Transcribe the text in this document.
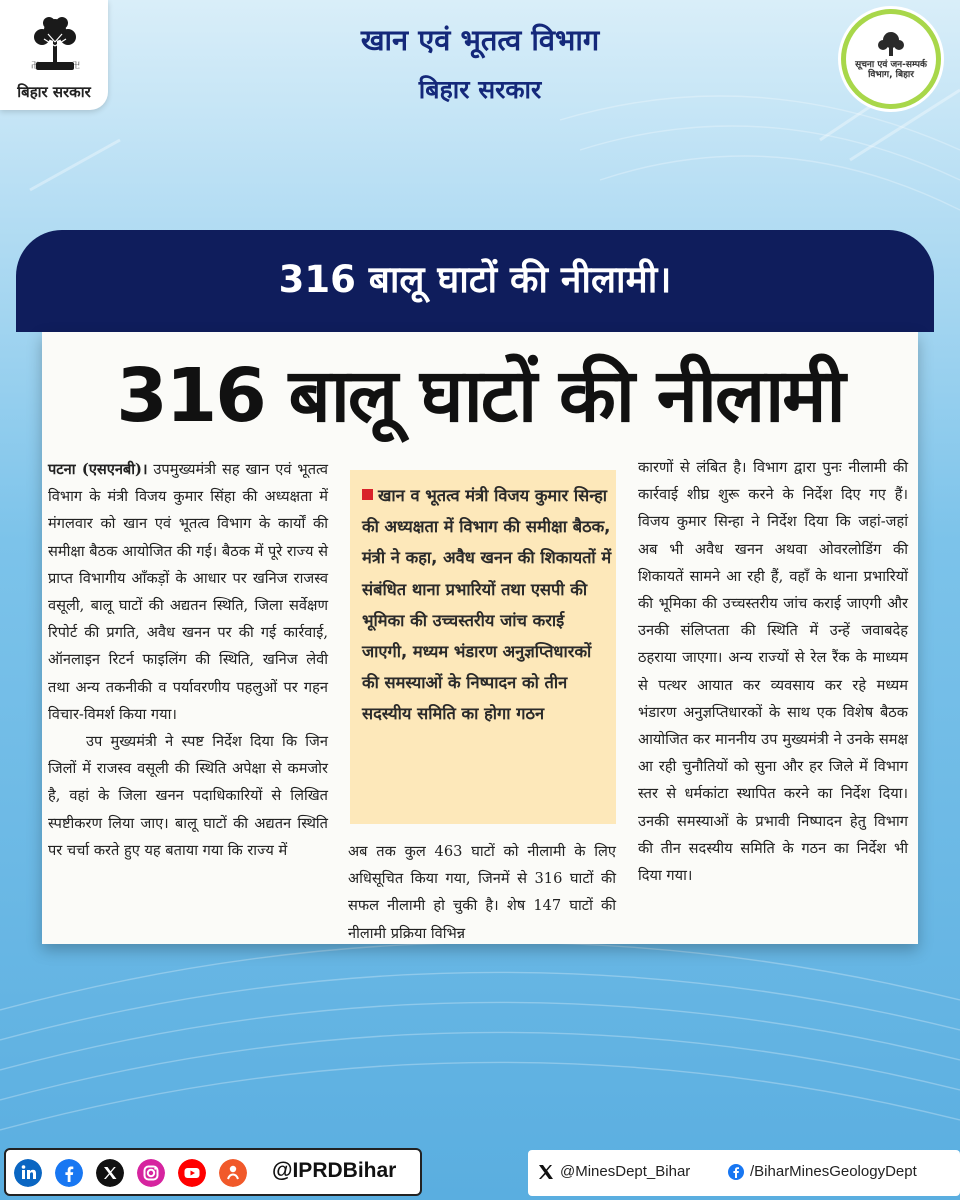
卍	卍
बिहार सरकार
खान एवं भूतत्व विभाग
बिहार सरकार
सूचना एवं जन-सम्पर्क विभाग, बिहार
316 बालू घाटों की नीलामी।
316 बालू घाटों की नीलामी

पटना (एसएनबी)। उपमुख्यमंत्री सह खान एवं भूतत्व विभाग के मंत्री विजय कुमार सिंहा की अध्यक्षता में मंगलवार को खान एवं भूतत्व विभाग के कार्यों की समीक्षा बैठक आयोजित की गई। बैठक में पूरे राज्य से प्राप्त विभागीय आँकड़ों के आधार पर खनिज राजस्व वसूली, बालू घाटों की अद्यतन स्थिति, जिला सर्वेक्षण रिपोर्ट की प्रगति, अवैध खनन पर की गई कार्रवाई, ऑनलाइन रिटर्न फाइलिंग की स्थिति, खनिज लेवी तथा अन्य तकनीकी व पर्यावरणीय पहलुओं पर गहन विचार-विमर्श किया गया।

उप मुख्यमंत्री ने स्पष्ट निर्देश दिया कि जिन जिलों में राजस्व वसूली की स्थिति अपेक्षा से कमजोर है, वहां के जिला खनन पदाधिकारियों से लिखित स्पष्टीकरण लिया जाए। बालू घाटों की अद्यतन स्थिति पर चर्चा करते हुए यह बताया गया कि राज्य में

खान व भूतत्व मंत्री विजय कुमार सिन्हा की अध्यक्षता में विभाग की समीक्षा बैठक, मंत्री ने कहा, अवैध खनन की शिकायतों में संबंधित थाना प्रभारियों तथा एसपी की भूमिका की उच्चस्तरीय जांच कराई जाएगी, मध्यम भंडारण अनुज्ञप्तिधारकों की समस्याओं के निष्पादन को तीन सदस्यीय समिति का होगा गठन

अब तक कुल 463 घाटों को नीलामी के लिए अधिसूचित किया गया, जिनमें से 316 घाटों की सफल नीलामी हो चुकी है। शेष 147 घाटों की नीलामी प्रक्रिया विभिन्न

कारणों से लंबित है। विभाग द्वारा पुनः नीलामी की कार्रवाई शीघ्र शुरू करने के निर्देश दिए गए हैं। विजय कुमार सिन्हा ने निर्देश दिया कि जहां-जहां अब भी अवैध खनन अथवा ओवरलोडिंग की शिकायतें सामने आ रही हैं, वहाँ के थाना प्रभारियों की भूमिका की उच्चस्तरीय जांच कराई जाएगी और उनकी संलिप्तता की स्थिति में उन्हें जवाबदेह ठहराया जाएगा। अन्य राज्यों से रेल रैंक के माध्यम से पत्थर आयात कर व्यवसाय कर रहे मध्यम भंडारण अनुज्ञप्तिधारकों के साथ एक विशेष बैठक आयोजित कर माननीय उप मुख्यमंत्री ने उनके समक्ष आ रही चुनौतियों को सुना और हर जिले में विभाग स्तर से धर्मकांटा स्थापित करने का निर्देश दिया। उनकी समस्याओं के प्रभावी निष्पादन हेतु विभाग की तीन सदस्यीय समिति के गठन का निर्देश भी दिया गया।

@IPRDBihar	@MinesDept_Bihar	/BiharMinesGeologyDept
